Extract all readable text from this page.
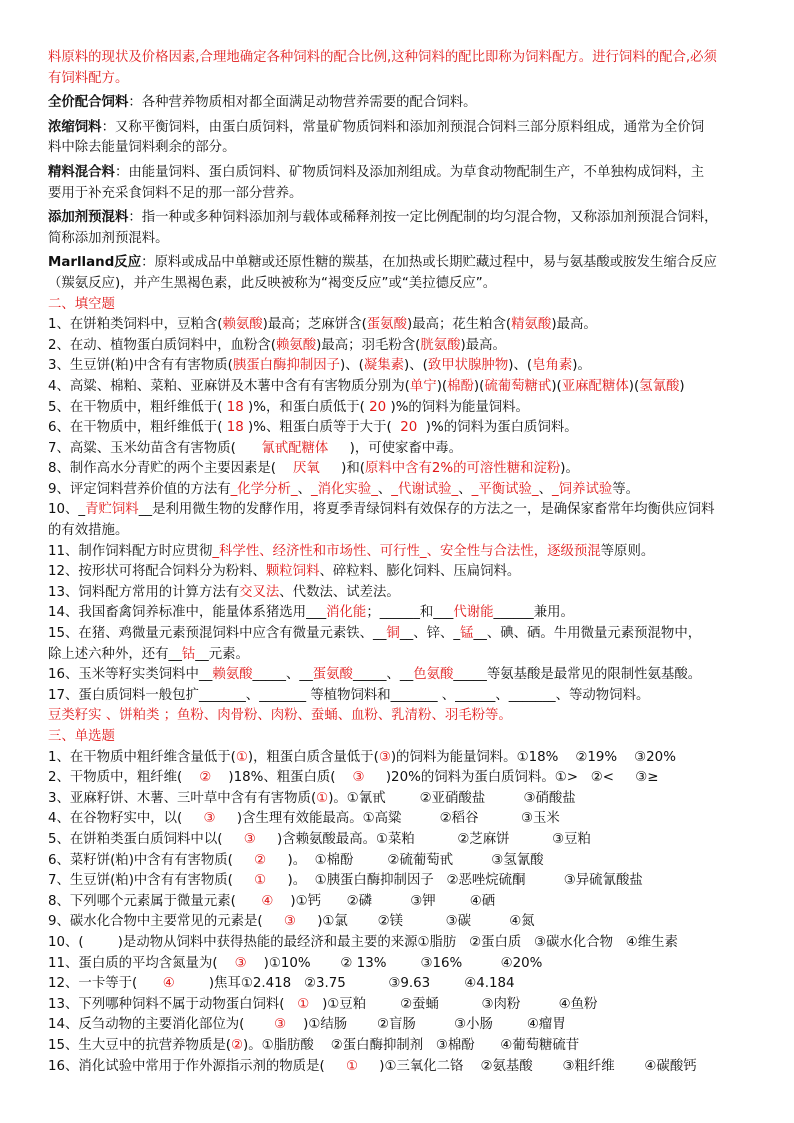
料原料的现状及价格因素,合理地确定各种饲料的配合比例,这种饲料的配比即称为饲料配方。进行饲料的配合,必须

有饲料配方。

全价配合饲料：各种营养物质相对都全面满足动物营养需要的配合饲料。

浓缩饲料：又称平衡饲料，由蛋白质饲料，常量矿物质饲料和添加剂预混合饲料三部分原料组成，通常为全价饲

料中除去能量饲料剩余的部分。

精料混合料：由能量饲料、蛋白质饲料、矿物质饲料及添加剂组成。为草食动物配制生产，不单独构成饲料，主

要用于补充采食饲料不足的那一部分营养。

添加剂预混料：指一种或多种饲料添加剂与载体或稀释剂按一定比例配制的均匀混合物，又称添加剂预混合饲料，

简称添加剂预混料。

Marlland反应：原料或成品中单糖或还原性糖的羰基，在加热或长期贮藏过程中，易与氨基酸或胺发生缩合反应

（羰氨反应)，并产生黑褐色素，此反映被称为“褐变反应”或“美拉德反应”。

二、填空题

1、在饼粕类饲料中，豆粕含(赖氨酸)最高；芝麻饼含(蛋氨酸)最高；花生粕含(精氨酸)最高。

2、在动、植物蛋白质饲料中，血粉含(赖氨酸)最高；羽毛粉含(胱氨酸)最高。

3、生豆饼(粕)中含有有害物质(胰蛋白酶抑制因子)、(凝集素)、(致甲状腺肿物)、(皂角素)。

4、高粱、棉粕、菜粕、亚麻饼及木薯中含有有害物质分别为(单宁)(棉酚)(硫葡萄糖甙)(亚麻配糖体)(氢氰酸)

5、在干物质中，粗纤维低于( 18 )%，和蛋白质低于( 20 )%的饲料为能量饲料。

6、在干物质中，粗纤维低于( 18 )%、粗蛋白质等于大于(  20  )%的饲料为蛋白质饲料。

7、高粱、玉米幼苗含有害物质(      氰甙配糖体     )，可使家畜中毒。

8、制作高水分青贮的两个主要因素是(    厌氧     )和(原料中含有2%的可溶性糖和淀粉)。

9、评定饲料营养价值的方法有_化学分析_、_消化实验_、_代谢试验_、_平衡试验_、_饲养试验等。

10、_青贮饲料__是利用微生物的发酵作用，将夏季青绿饲料有效保存的方法之一，是确保家畜常年均衡供应饲料

的有效措施。

11、制作饲料配方时应贯彻_科学性、经济性和市场性、可行性_、安全性与合法性，逐级预混等原则。

12、按形状可将配合饲料分为粉料、颗粒饲料、碎粒料、膨化饲料、压扁饲料。

13、饲料配方常用的计算方法有交叉法、代数法、试差法。

14、我国畜禽饲养标准中，能量体系猪选用___消化能；______和___代谢能______兼用。

15、在猪、鸡微量元素预混饲料中应含有微量元素铁、__铜__、锌、_锰__、碘、硒。牛用微量元素预混物中，

除上述六种外，还有__钴__元素。

16、玉米等籽实类饲料中__赖氨酸_____、__蛋氨酸_____、__色氨酸_____等氨基酸是最常见的限制性氨基酸。

17、蛋白质饲料一般包扩_______、_______ 等植物饲料和_______ 、______、_______、等动物饲料。

豆类籽实 、饼粕类 ；鱼粉、肉骨粉、肉粉、蚕蛹、血粉、乳清粉、羽毛粉等。

三、单选题

1、在干物质中粗纤维含量低于(①)，粗蛋白质含量低于(③)的饲料为能量饲料。①18%    ②19%    ③20%

2、干物质中，粗纤维(    ②    )18%、粗蛋白质(    ③     )20%的饲料为蛋白质饲料。①>   ②<     ③≥

3、亚麻籽饼、木薯、三叶草中含有有害物质(①)。①氰甙        ②亚硝酸盐         ③硝酸盐

4、在谷物籽实中，以(     ③     )含生理有效能最高。①高粱         ②稻谷          ③玉米

5、在饼粕类蛋白质饲料中以(     ③     )含赖氨酸最高。①菜粕          ②芝麻饼          ③豆粕

6、菜籽饼(粕)中含有有害物质(     ②     )。  ①棉酚        ②硫葡萄甙         ③氢氰酸

7、生豆饼(粕)中含有有害物质(     ①     )。  ①胰蛋白酶抑制因子   ②恶唑烷硫酮         ③异硫氰酸盐

8、下列哪个元素属于微量元素(      ④    )①钙      ②磷         ③钾        ④硒

9、碳水化合物中主要常见的元素是(     ③     )①氯       ②镁          ③碳         ④氮

10、(        )是动物从饲料中获得热能的最经济和最主要的来源①脂肪   ②蛋白质   ③碳水化合物   ④维生素

11、蛋白质的平均含氮量为(    ③    )①10%       ② 13%        ③16%         ④20%

12、一卡等于(      ④        )焦耳①2.418   ②3.75          ③9.63        ④4.184

13、下列哪种饲料不属于动物蛋白饲料(   ①   )①豆粕        ②蚕蛹          ③肉粉         ④鱼粉

14、反刍动物的主要消化部位为(       ③    )①结肠       ②盲肠         ③小肠        ④瘤胃

15、生大豆中的抗营养物质是(②)。①脂肪酸    ②蛋白酶抑制剂   ③棉酚      ④葡萄糖硫苷

16、消化试验中常用于作外源指示剂的物质是(     ①     )①三氧化二铬    ②氨基酸       ③粗纤维       ④碳酸钙
